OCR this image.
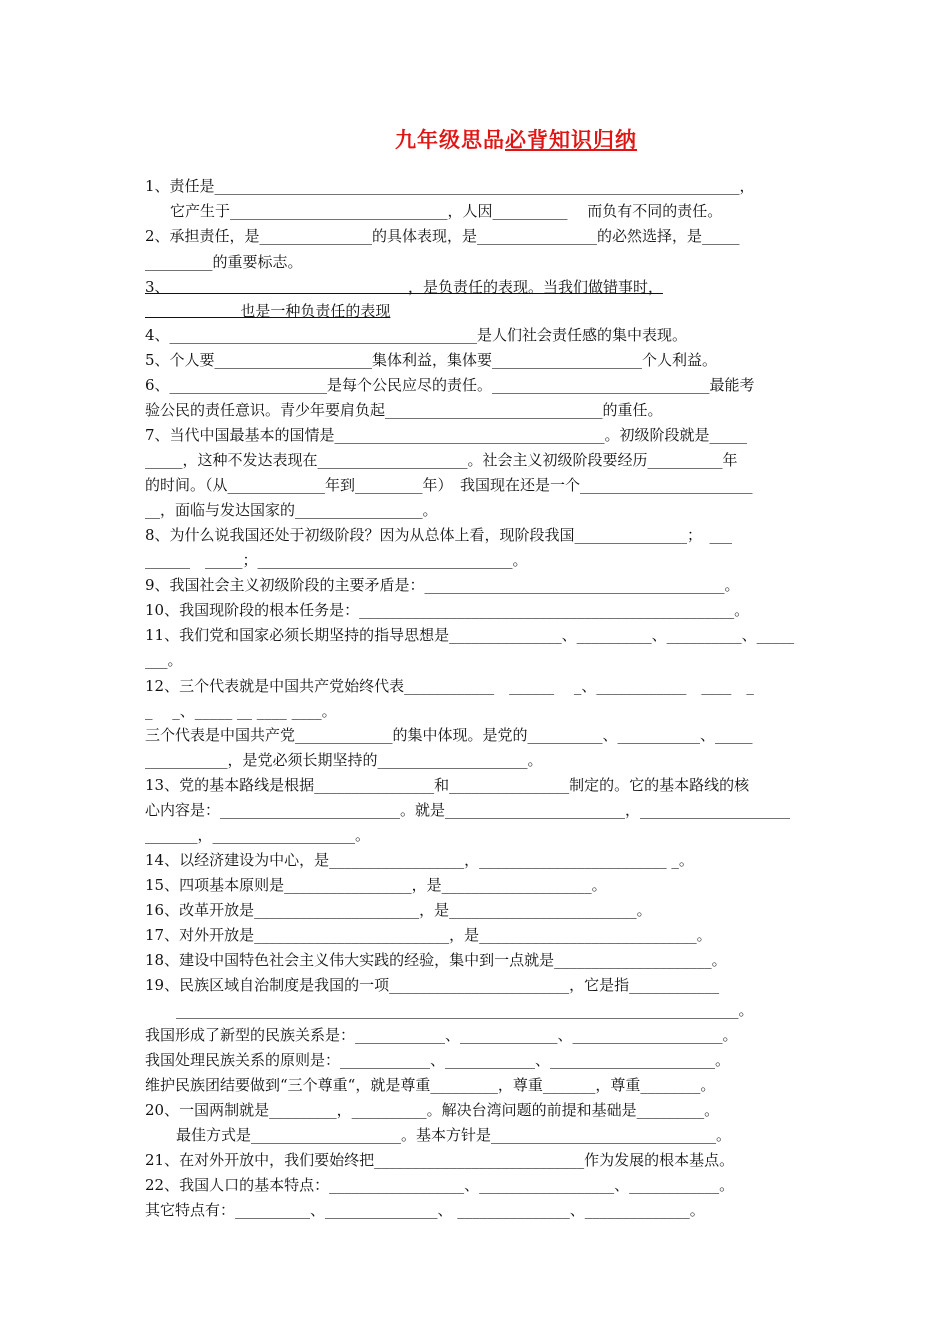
九年级思品必背知识归纳
1、责任是______________________________________________________________________，
它产生于_____________________________，人因__________　 而负有不同的责任。
2、承担责任，是_______________的具体表现，是________________的必然选择，是_____
_________的重要标志。
3、                                                  ，是负责任的表现。当我们做错事时，
也是一种负责任的表现
4、_________________________________________是人们社会责任感的集中表现。
5、个人要_____________________集体利益，集体要____________________个人利益。
6、_____________________是每个公民应尽的责任。_____________________________最能考
验公民的责任意识。青少年要肩负起_____________________________的重任。
7、当代中国最基本的国情是____________________________________。初级阶段就是_____
_____，这种不发达表现在____________________。社会主义初级阶段要经历__________年
的时间。（从_____________年到_________年）　我国现在还是一个_______________________
__，面临与发达国家的_________________。
8、为什么说我国还处于初级阶段？因为从总体上看，现阶段我国_______________；　___
______　_____；__________________________________。
9、我国社会主义初级阶段的主要矛盾是：________________________________________。
10、我国现阶段的根本任务是：__________________________________________________。
11、我们党和国家必须长期坚持的指导思想是_______________、__________、__________、_____
___。
12、三个代表就是中国共产党始终代表____________　______　 _、____________　____　_
_　 _、_____ __ ____ ____。
三个代表是中国共产党_____________的集中体现。是党的__________、___________、_____
___________，是党必须长期坚持的____________________。
13、党的基本路线是根据________________和________________制定的。它的基本路线的核
心内容是：________________________。就是________________________，____________________
_______，___________________。
14、以经济建设为中心，是__________________，_________________________ _。
15、四项基本原则是_________________，是____________________。
16、改革开放是______________________，是_________________________。
17、对外开放是__________________________，是_____________________________。
18、建设中国特色社会主义伟大实践的经验，集中到一点就是_____________________。
19、民族区域自治制度是我国的一项________________________，它是指____________
___________________________________________________________________________。
我国形成了新型的民族关系是：____________、_____________、____________________。
我国处理民族关系的原则是：____________、____________、______________________。
维护民族团结要做到“三个尊重“，就是尊重_________，尊重_______，尊重________。
20、一国两制就是_________，__________。解决台湾问题的前提和基础是_________。
最佳方式是____________________。基本方针是______________________________。
21、在对外开放中，我们要始终把____________________________作为发展的根本基点。
22、我国人口的基本特点：__________________、__________________、____________。
其它特点有：__________、_______________、 _______________、______________。
